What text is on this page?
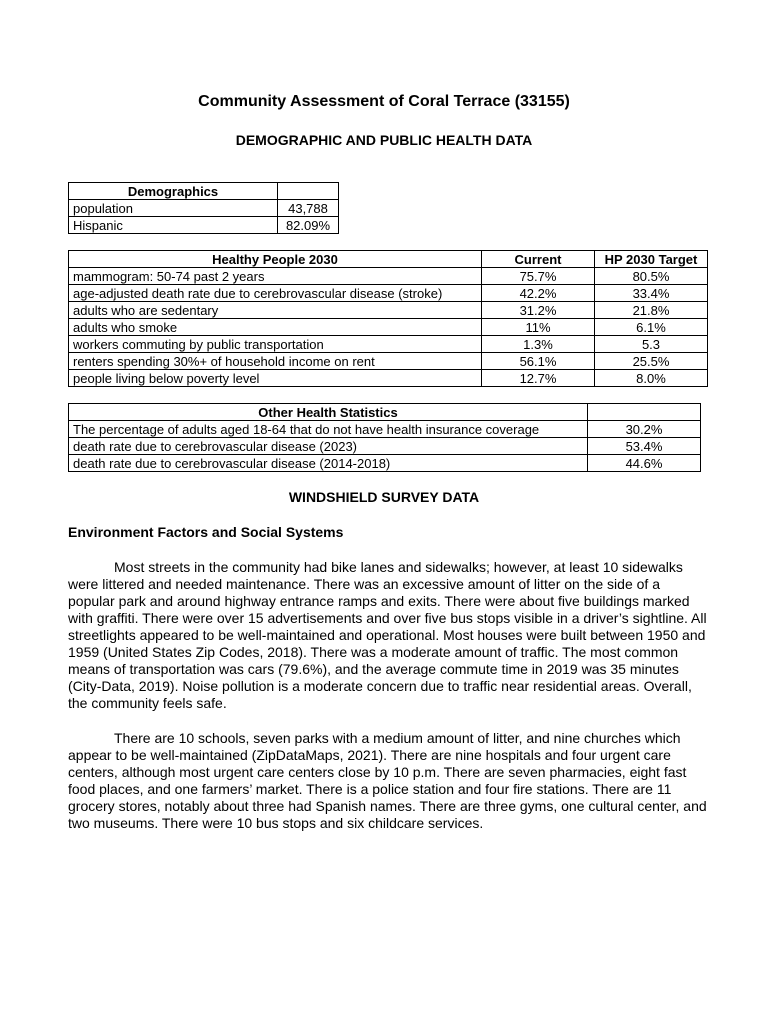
Community Assessment of Coral Terrace (33155)
DEMOGRAPHIC AND PUBLIC HEALTH DATA
Demographics	
population	43,788
Hispanic	82.09%
Healthy People 2030	Current	HP 2030 Target
mammogram: 50-74 past 2 years	75.7%	80.5%
age-adjusted death rate due to cerebrovascular disease (stroke)	42.2%	33.4%
adults who are sedentary	31.2%	21.8%
adults who smoke	11%	6.1%
workers commuting by public transportation	1.3%	5.3
renters spending 30%+ of household income on rent	56.1%	25.5%
people living below poverty level	12.7%	8.0%
Other Health Statistics	
The percentage of adults aged 18-64 that do not have health insurance coverage	30.2%
death rate due to cerebrovascular disease (2023)	53.4%
death rate due to cerebrovascular disease (2014-2018)	44.6%
WINDSHIELD SURVEY DATA
Environment Factors and Social Systems

Most streets in the community had bike lanes and sidewalks; however, at least 10 sidewalks were littered and needed maintenance. There was an excessive amount of litter on the side of a popular park and around highway entrance ramps and exits. There were about five buildings marked with graffiti. There were over 15 advertisements and over five bus stops visible in a driver’s sightline. All streetlights appeared to be well-maintained and operational. Most houses were built between 1950 and 1959 (United States Zip Codes, 2018). There was a moderate amount of traffic. The most common means of transportation was cars (79.6%), and the average commute time in 2019 was 35 minutes (City-Data, 2019). Noise pollution is a moderate concern due to traffic near residential areas. Overall, the community feels safe.

There are 10 schools, seven parks with a medium amount of litter, and nine churches which appear to be well-maintained (ZipDataMaps, 2021). There are nine hospitals and four urgent care centers, although most urgent care centers close by 10 p.m. There are seven pharmacies, eight fast food places, and one farmers’ market. There is a police station and four fire stations. There are 11 grocery stores, notably about three had Spanish names. There are three gyms, one cultural center, and two museums. There were 10 bus stops and six childcare services.
